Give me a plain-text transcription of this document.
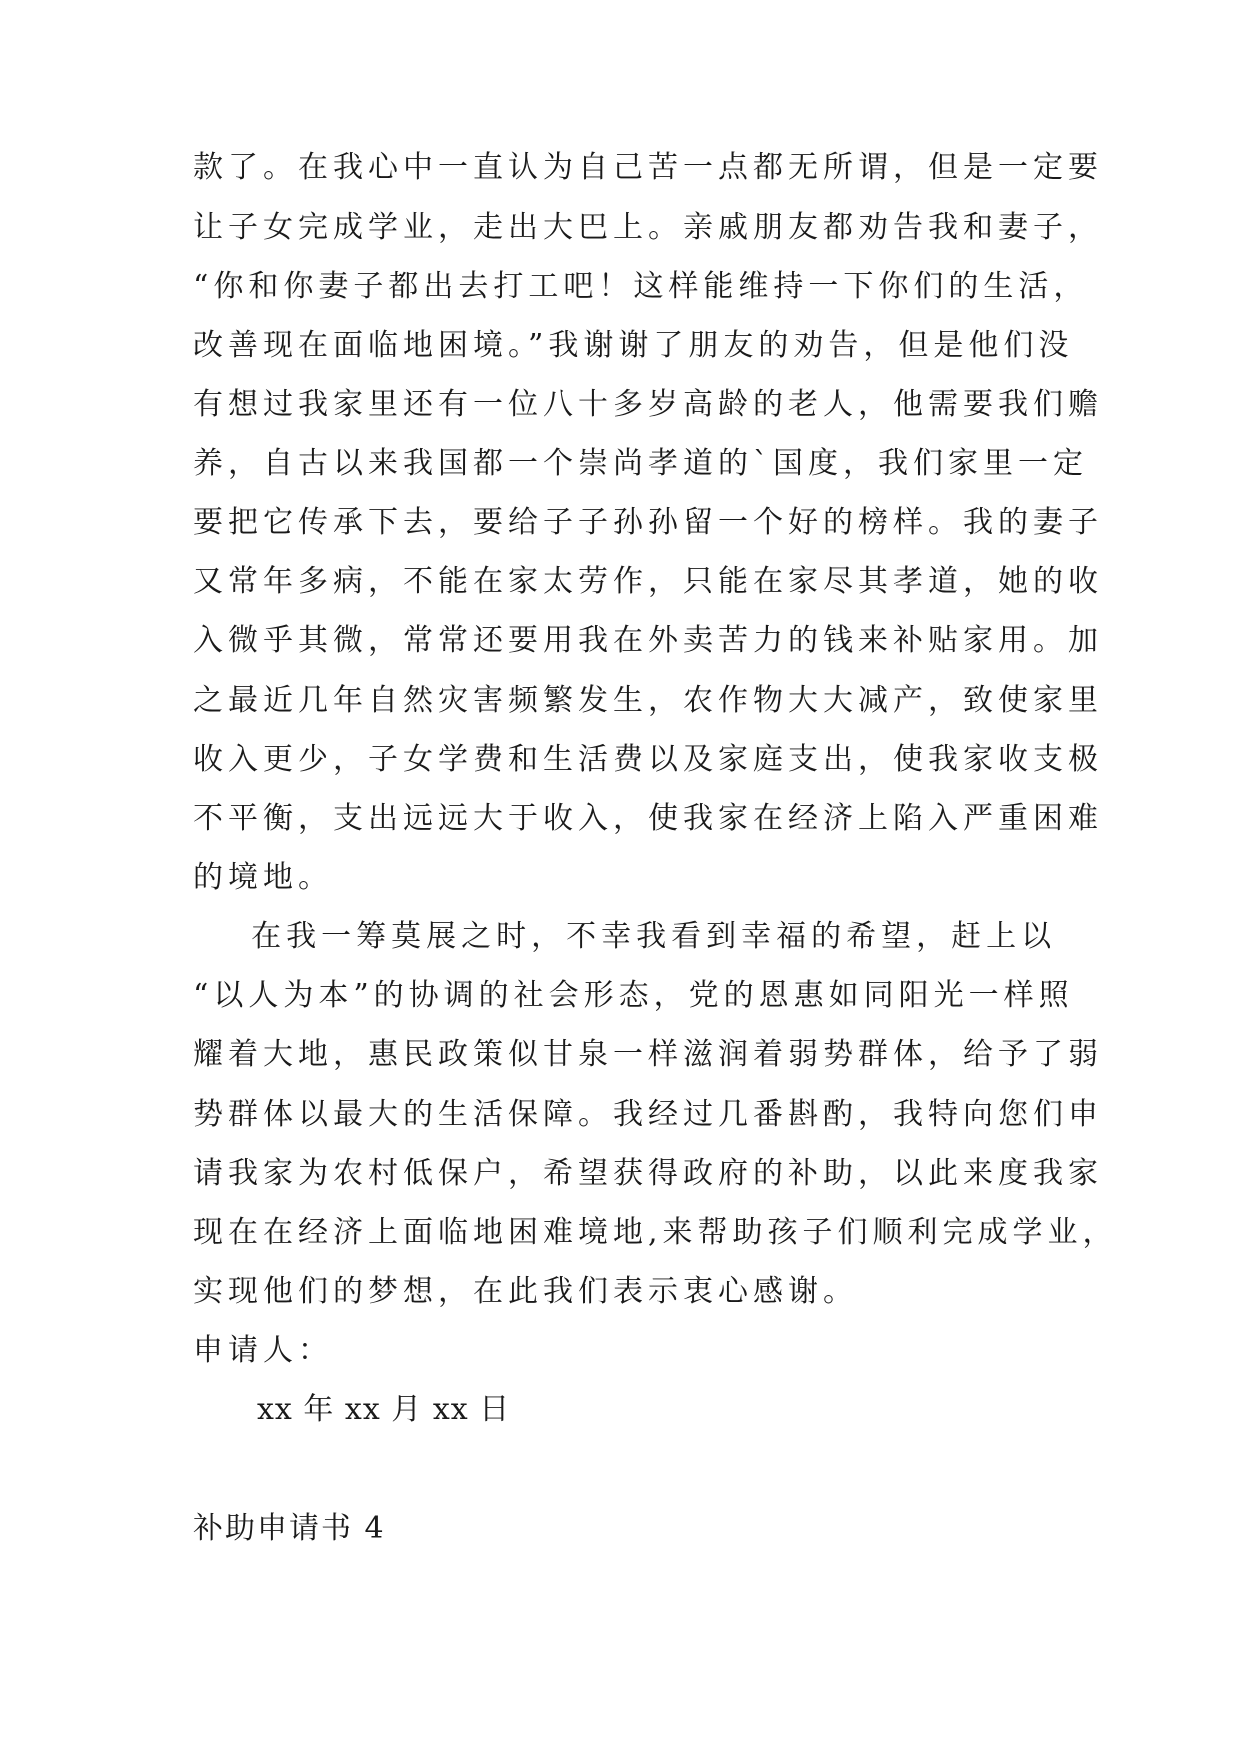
款了。在我心中一直认为自己苦一点都无所谓，但是一定要
让子女完成学业，走出大巴上。亲戚朋友都劝告我和妻子，
“你和你妻子都出去打工吧！这样能维持一下你们的生活，
改善现在面临地困境。”我谢谢了朋友的劝告，但是他们没
有想过我家里还有一位八十多岁高龄的老人，他需要我们赡
养，自古以来我国都一个崇尚孝道的`国度，我们家里一定
要把它传承下去，要给子子孙孙留一个好的榜样。我的妻子
又常年多病，不能在家太劳作，只能在家尽其孝道，她的收
入微乎其微，常常还要用我在外卖苦力的钱来补贴家用。加
之最近几年自然灾害频繁发生，农作物大大减产，致使家里
收入更少，子女学费和生活费以及家庭支出，使我家收支极
不平衡，支出远远大于收入，使我家在经济上陷入严重困难
的境地。
在我一筹莫展之时，不幸我看到幸福的希望，赶上以
“以人为本”的协调的社会形态，党的恩惠如同阳光一样照
耀着大地，惠民政策似甘泉一样滋润着弱势群体，给予了弱
势群体以最大的生活保障。我经过几番斟酌，我特向您们申
请我家为农村低保户，希望获得政府的补助，以此来度我家
现在在经济上面临地困难境地,来帮助孩子们顺利完成学业，
实现他们的梦想，在此我们表示衷心感谢。
申请人：
xx 年 xx 月 xx 日
补助申请书 4
